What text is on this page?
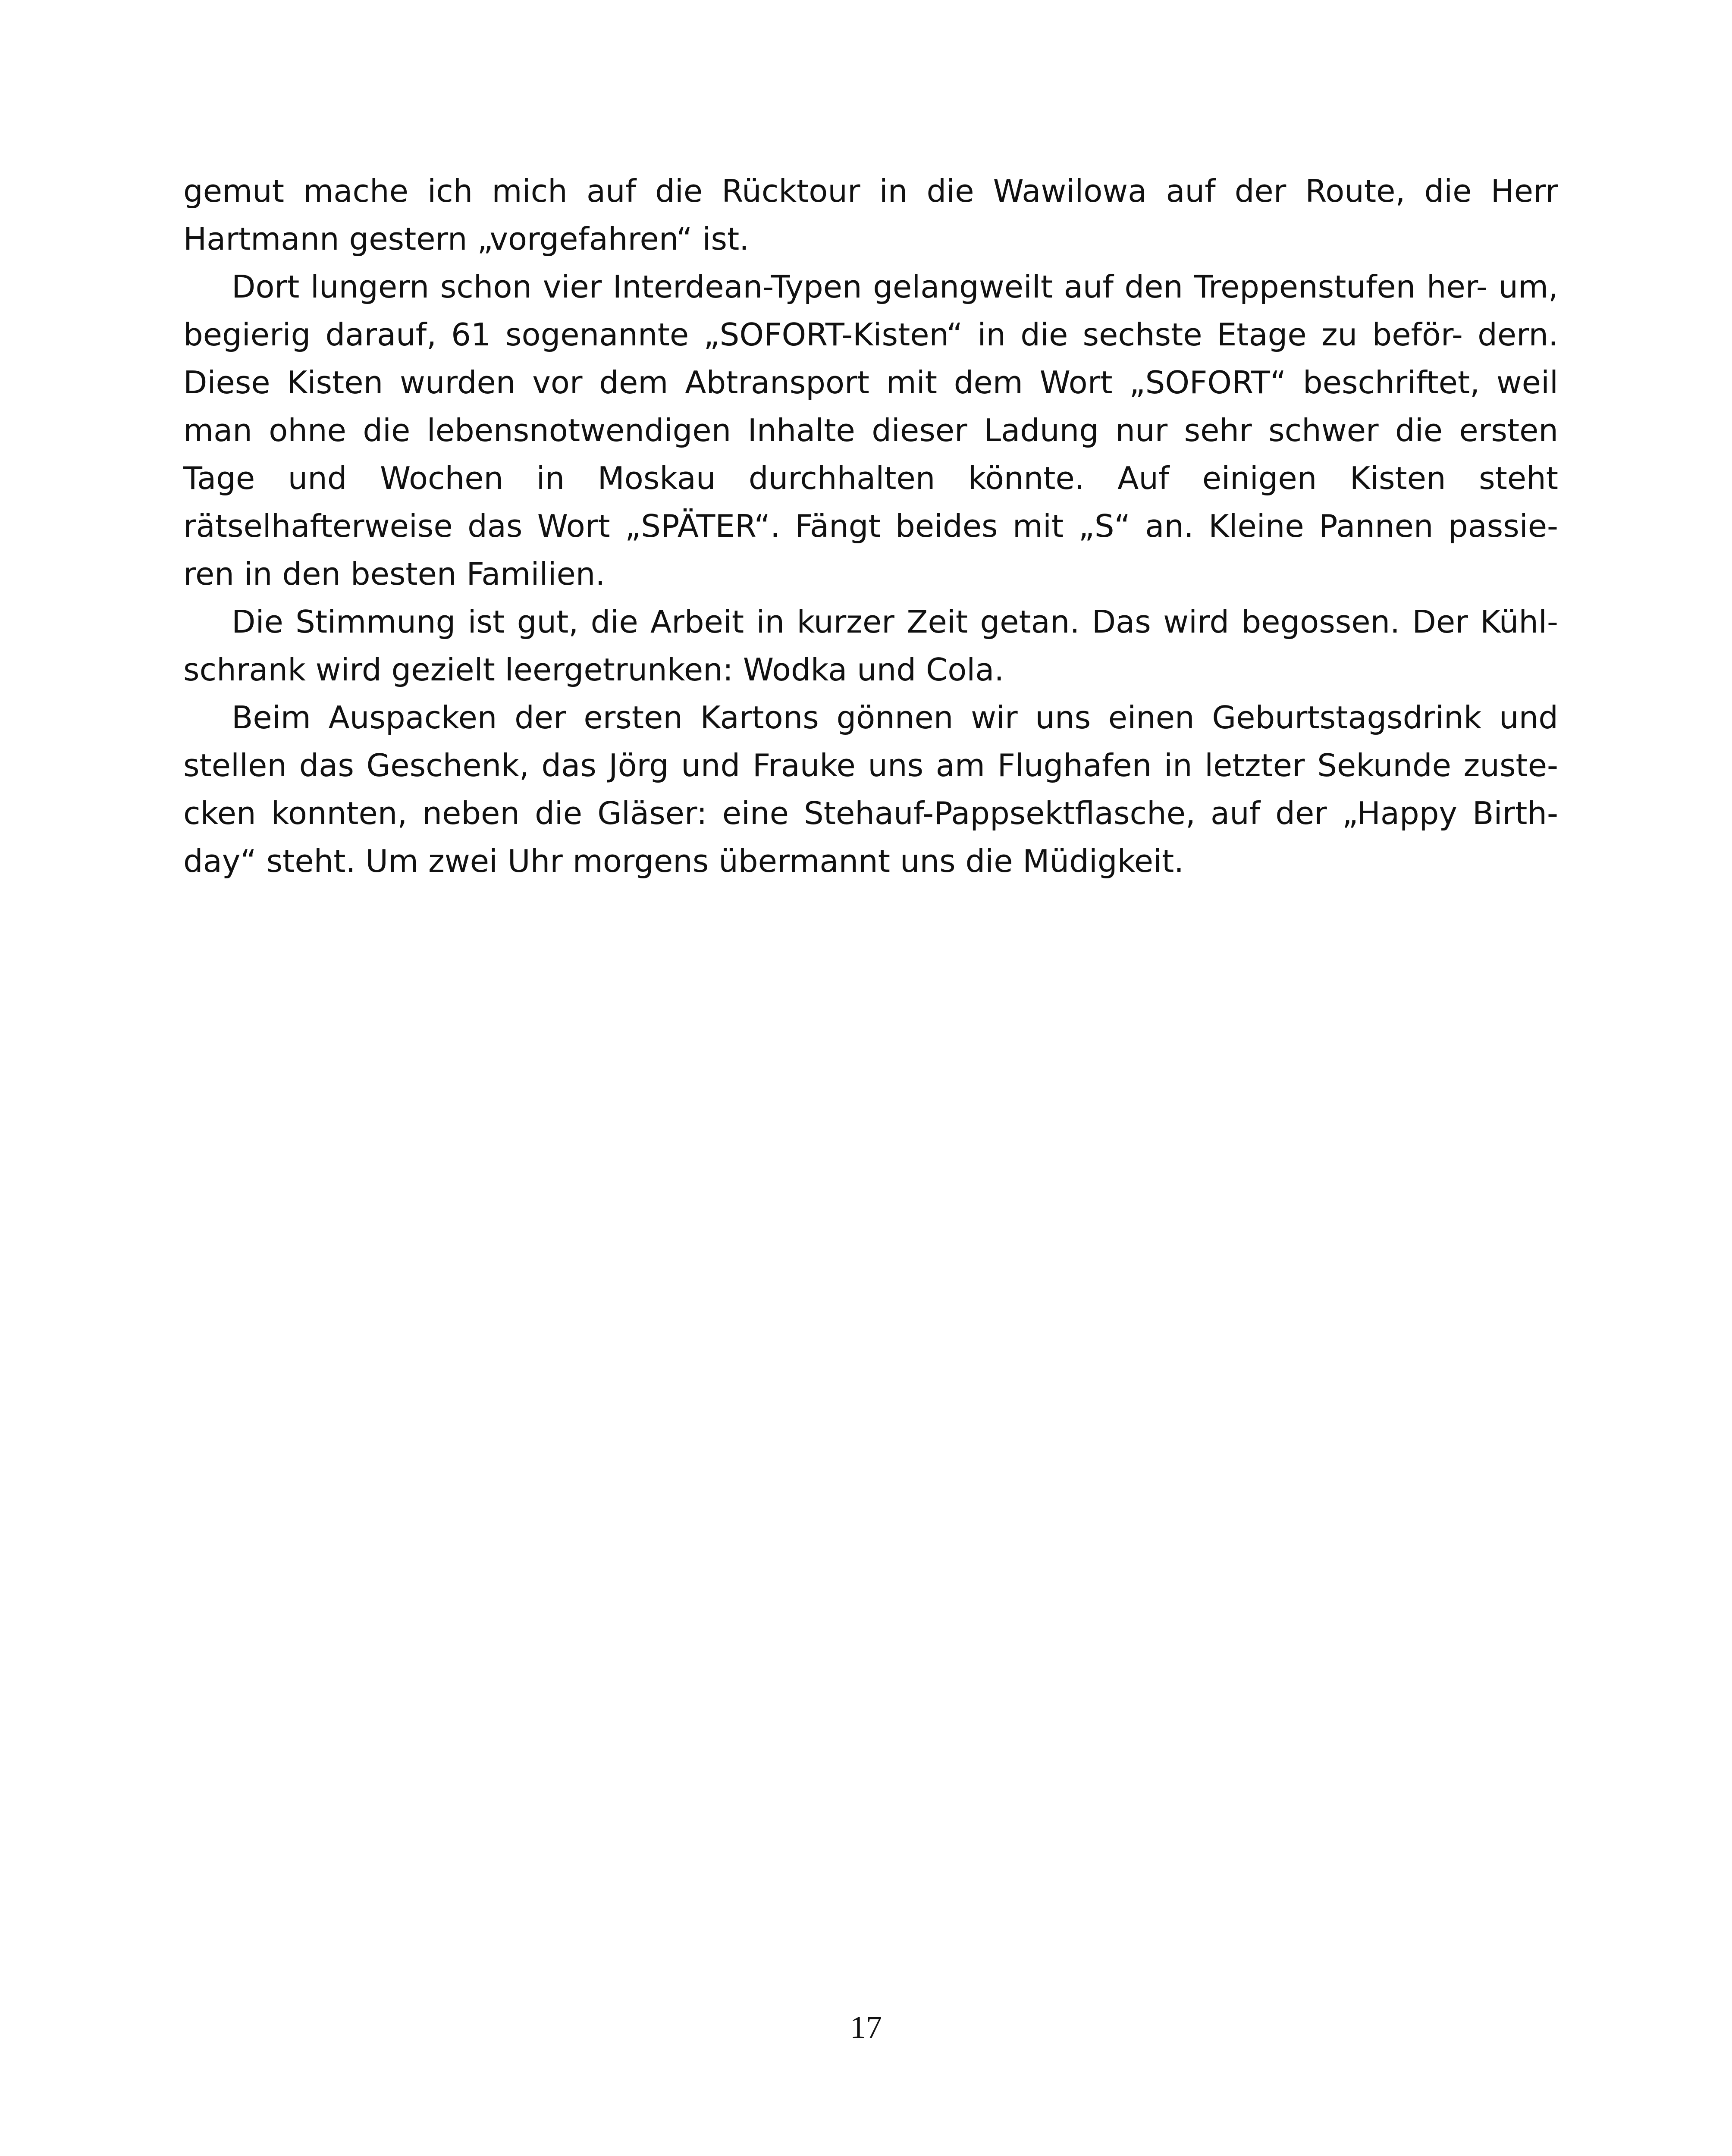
gemut mache ich mich auf die Rücktour in die Wawilowa auf der Route, die Herr Hartmann gestern „vorgefahren“ ist.

Dort lungern schon vier Interdean-Typen gelangweilt auf den Treppenstufen her- um, begierig darauf, 61 sogenannte „SOFORT-Kisten“ in die sechste Etage zu beför- dern. Diese Kisten wurden vor dem Abtransport mit dem Wort „SOFORT“ beschriftet, weil man ohne die lebensnotwendigen Inhalte dieser Ladung nur sehr schwer die ersten Tage und Wochen in Moskau durchhalten könnte. Auf einigen Kisten steht rätselhafterweise das Wort „SPÄTER“. Fängt beides mit „S“ an. Kleine Pannen passie- ren in den besten Familien.

Die Stimmung ist gut, die Arbeit in kurzer Zeit getan. Das wird begossen. Der Kühl- schrank wird gezielt leergetrunken: Wodka und Cola.

Beim Auspacken der ersten Kartons gönnen wir uns einen Geburtstagsdrink und stellen das Geschenk, das Jörg und Frauke uns am Flughafen in letzter Sekunde zuste- cken konnten, neben die Gläser: eine Stehauf-Pappsektflasche, auf der „Happy Birth- day“ steht. Um zwei Uhr morgens übermannt uns die Müdigkeit.

17
